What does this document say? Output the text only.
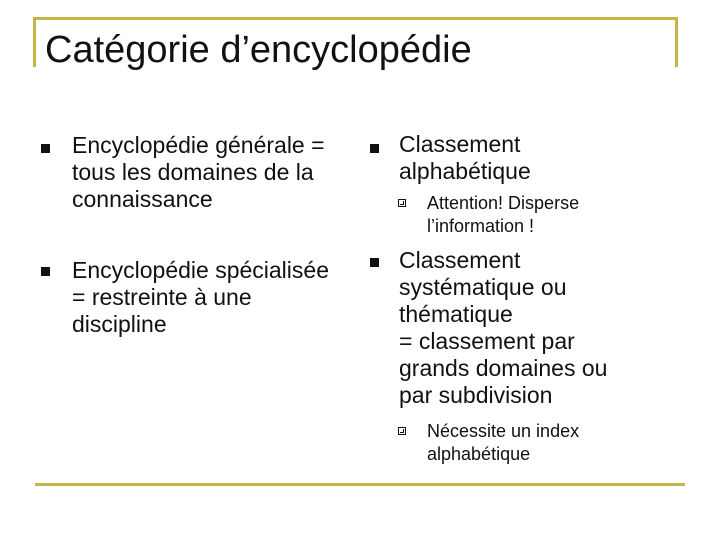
Catégorie d’encyclopédie
Encyclopédie générale =
tous les domaines de la
connaissance
Encyclopédie spécialisée
= restreinte à une
discipline
Classement
alphabétique
Attention! Disperse
l’information !
Classement
systématique ou
thématique
= classement par
grands domaines ou
par subdivision
Nécessite un index
alphabétique
